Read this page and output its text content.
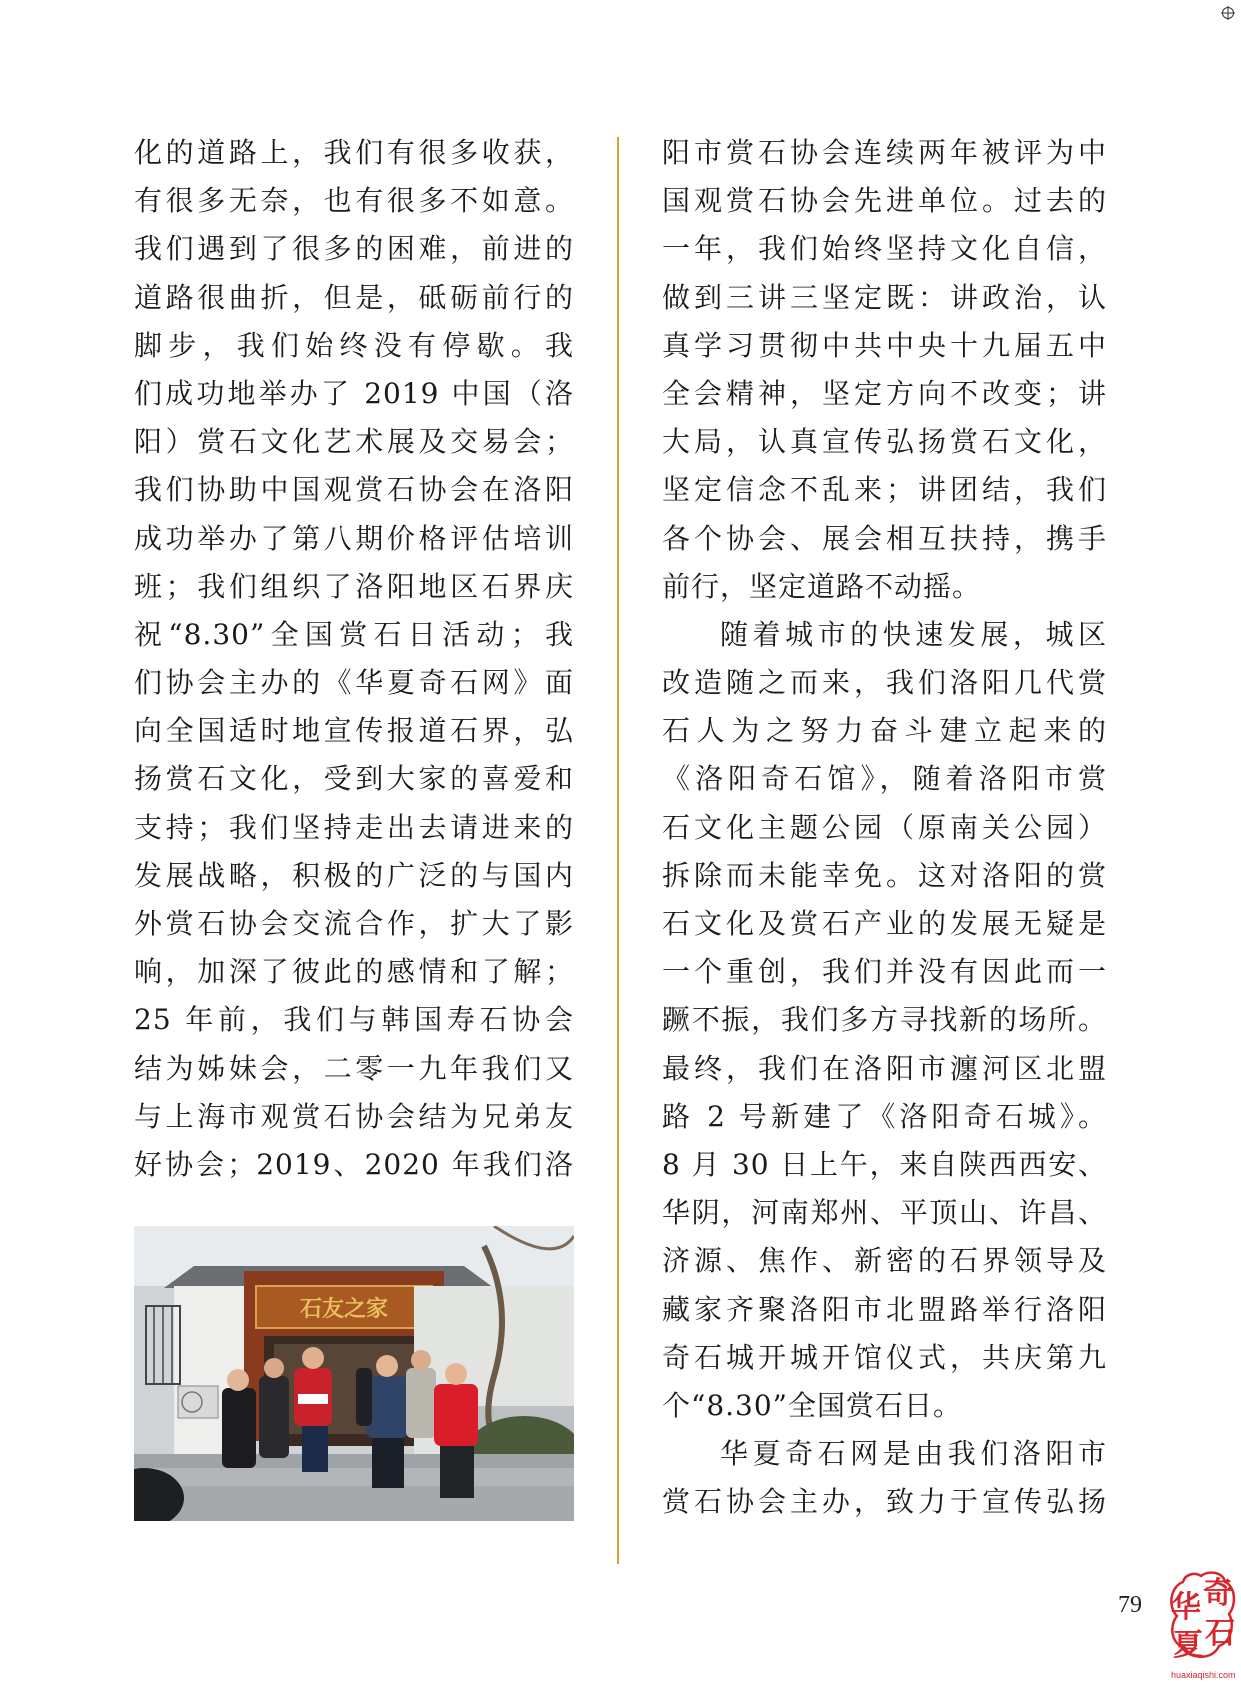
化的道路上，我们有很多收获，
有很多无奈，也有很多不如意。
我们遇到了很多的困难，前进的
道路很曲折，但是，砥砺前行的
脚步，我们始终没有停歇。我
们成功地举办了 2019 中国（洛
阳）赏石文化艺术展及交易会；
我们协助中国观赏石协会在洛阳
成功举办了第八期价格评估培训
班；我们组织了洛阳地区石界庆
祝“8.30”全国赏石日活动；我
们协会主办的《华夏奇石网》面
向全国适时地宣传报道石界，弘
扬赏石文化，受到大家的喜爱和
支持；我们坚持走出去请进来的
发展战略，积极的广泛的与国内
外赏石协会交流合作，扩大了影
响，加深了彼此的感情和了解；
25 年前，我们与韩国寿石协会
结为姊妹会，二零一九年我们又
与上海市观赏石协会结为兄弟友
好协会；2019、2020 年我们洛
阳市赏石协会连续两年被评为中
国观赏石协会先进单位。过去的
一年，我们始终坚持文化自信，
做到三讲三坚定既：讲政治，认
真学习贯彻中共中央十九届五中
全会精神，坚定方向不改变；讲
大局，认真宣传弘扬赏石文化，
坚定信念不乱来；讲团结，我们
各个协会、展会相互扶持，携手
前行，坚定道路不动摇。
随着城市的快速发展，城区
改造随之而来，我们洛阳几代赏
石人为之努力奋斗建立起来的
《洛阳奇石馆》，随着洛阳市赏
石文化主题公园（原南关公园）
拆除而未能幸免。这对洛阳的赏
石文化及赏石产业的发展无疑是
一个重创，我们并没有因此而一
蹶不振，我们多方寻找新的场所。
最终，我们在洛阳市瀍河区北盟
路 2 号新建了《洛阳奇石城》。
8 月 30 日上午，来自陕西西安、
华阴，河南郑州、平顶山、许昌、
济源、焦作、新密的石界领导及
藏家齐聚洛阳市北盟路举行洛阳
奇石城开城开馆仪式，共庆第九
个“8.30”全国赏石日。
华夏奇石网是由我们洛阳市
赏石协会主办，致力于宣传弘扬
石友之家
79 华 奇
夏 石
huaxiaqishi.com
